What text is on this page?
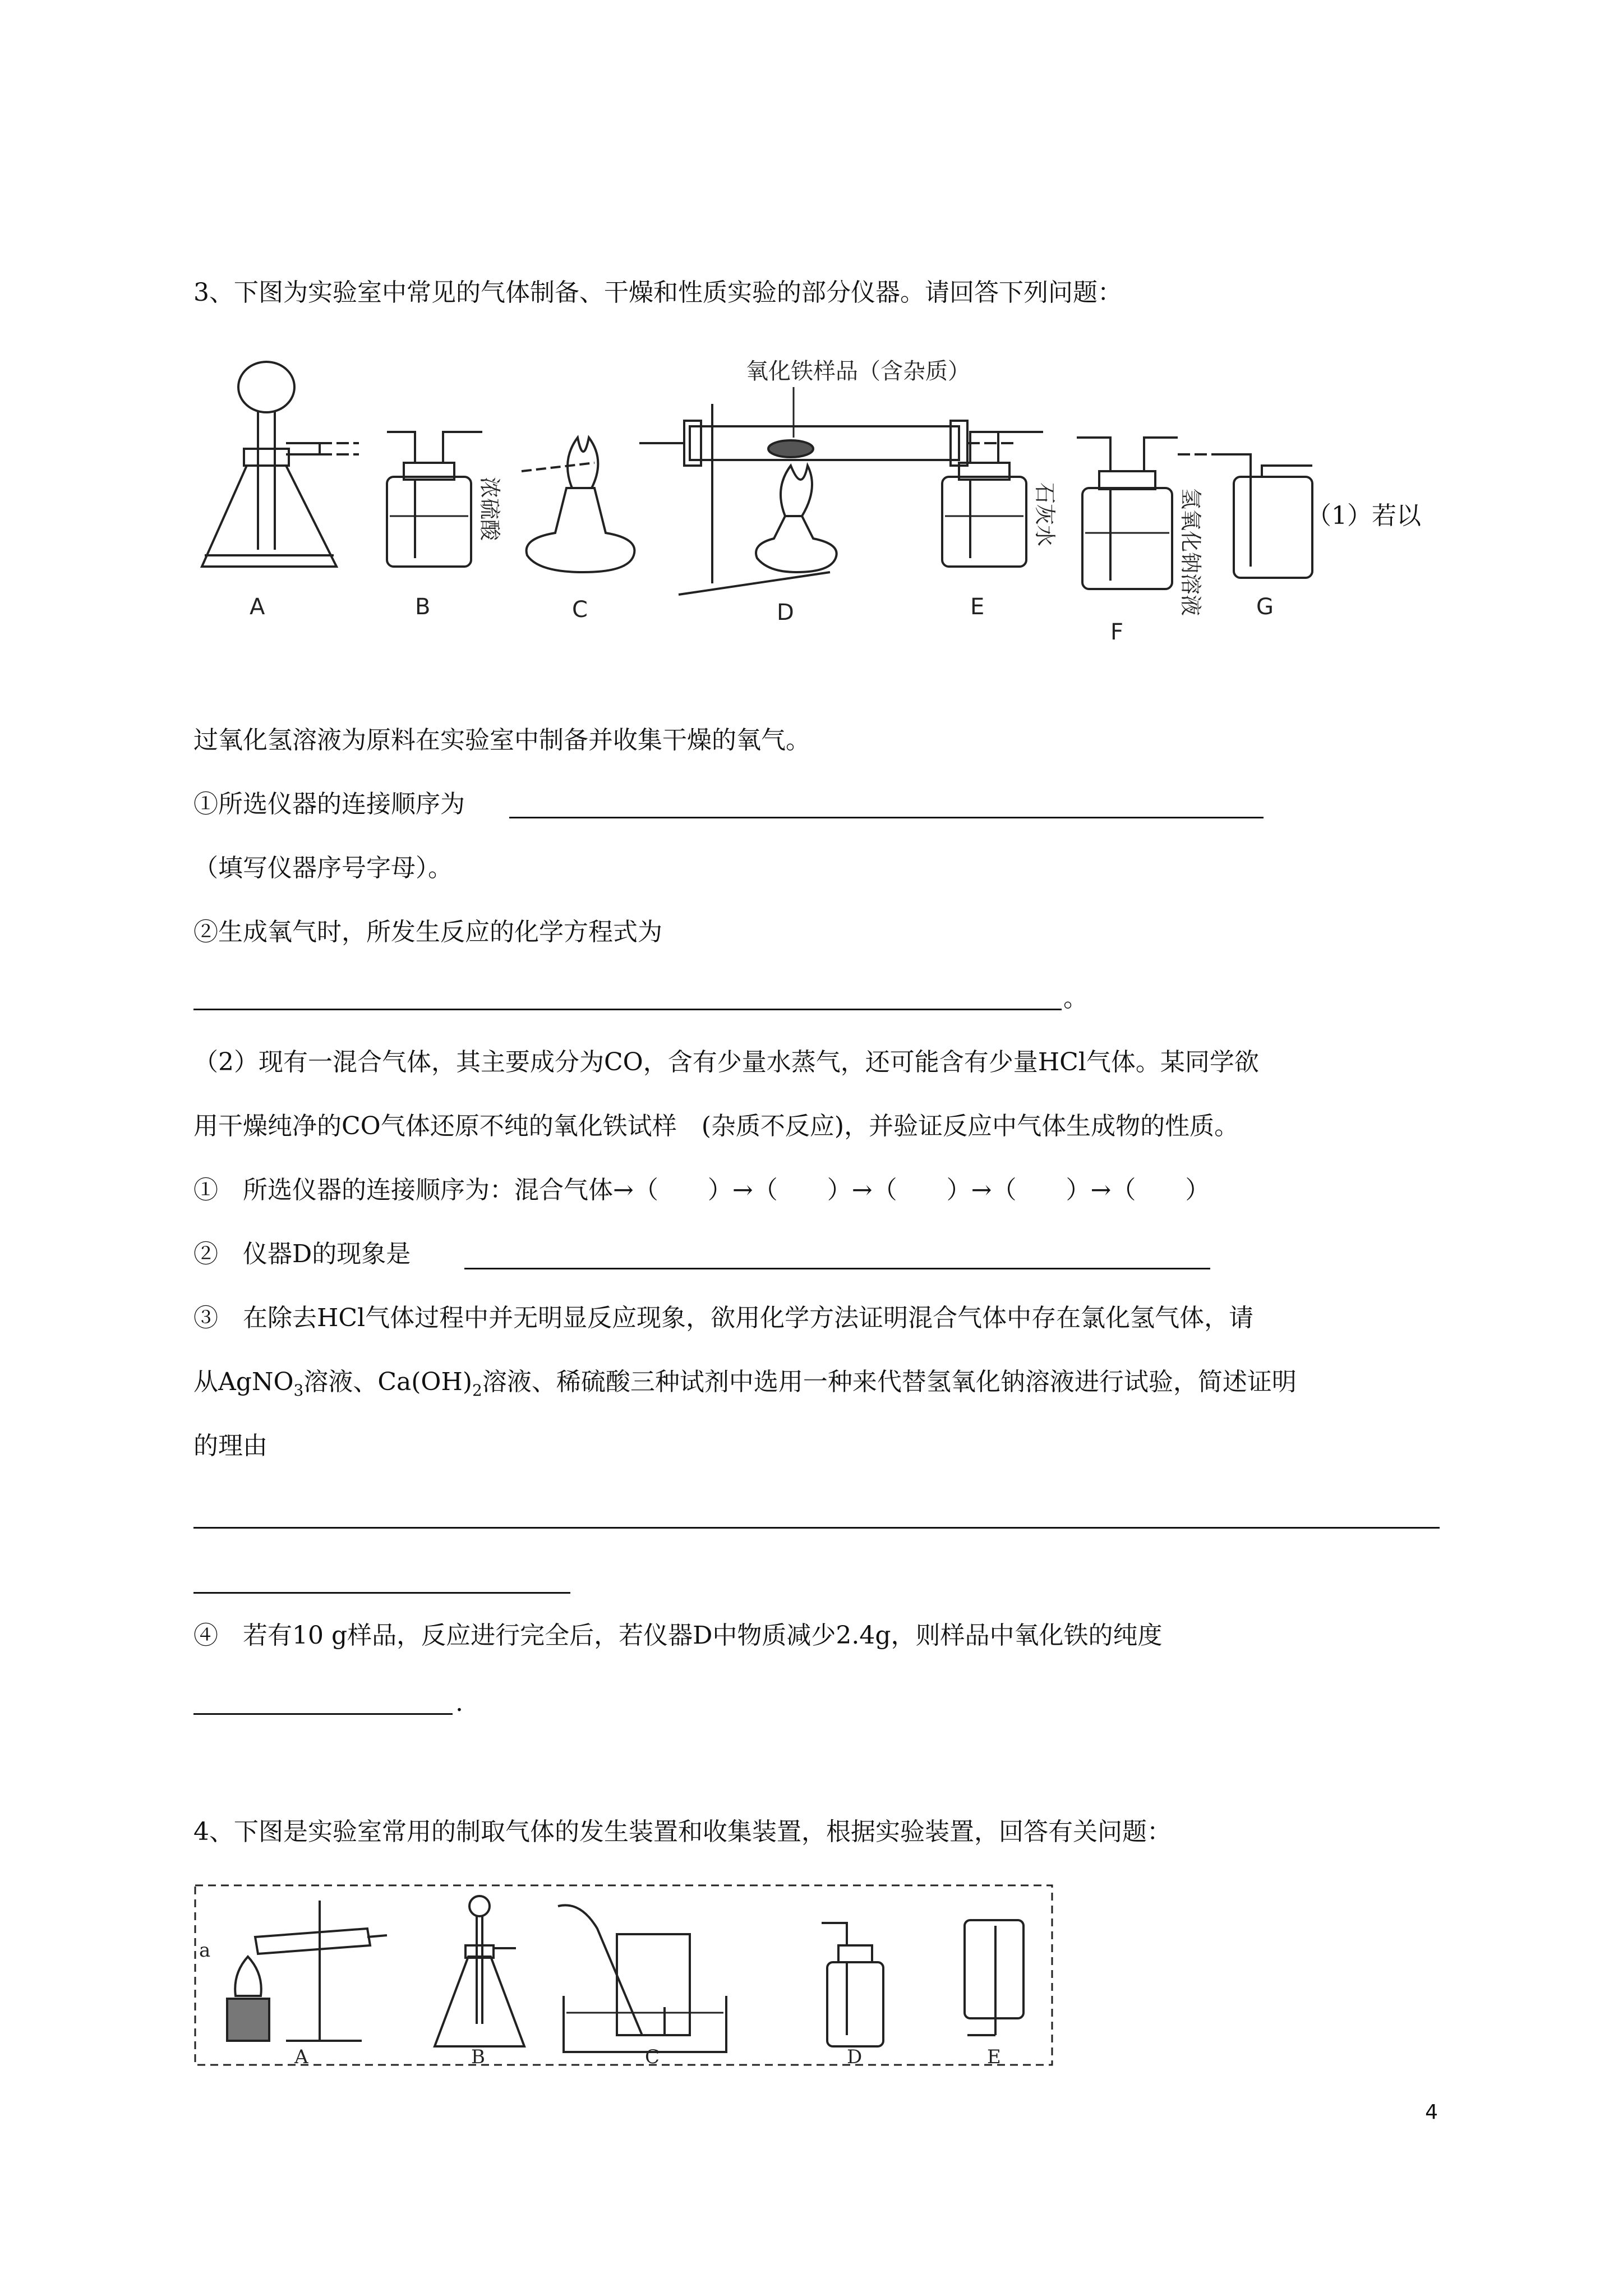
3、下图为实验室中常见的气体制备、干燥和性质实验的部分仪器。请回答下列问题：
A	B	C	D	E
F
G
氧化铁样品（含杂质）
浓硫酸	石灰水	氢氧化钠溶液	（1）若以
过氧化氢溶液为原料在实验室中制备并收集干燥的氧气。
①所选仪器的连接顺序为
（填写仪器序号字母）。
②生成氧气时，所发生反应的化学方程式为
。
（2）现有一混合气体，其主要成分为CO，含有少量水蒸气，还可能含有少量HCl气体。某同学欲
用干燥纯净的CO气体还原不纯的氧化铁试样　(杂质不反应)，并验证反应中气体生成物的性质。
①　所选仪器的连接顺序为：混合气体→（　　）→（　　）→（　　）→（　　）→（　　）
②　仪器D的现象是
③　在除去HCl气体过程中并无明显反应现象，欲用化学方法证明混合气体中存在氯化氢气体，请
从AgNO$_3$溶液、$Ca(OH)_2$溶液、稀硫酸三种试剂中选用一种来代替氢氧化钠溶液进行试验，简述证明
的理由
④　若有10 g样品，反应进行完全后，若仪器D中物质减少2.4g，则样品中氧化铁的纯度
.
4、下图是实验室常用的制取气体的发生装置和收集装置，根据实验装置，回答有关问题：
a
A	B	C	D	E
4
